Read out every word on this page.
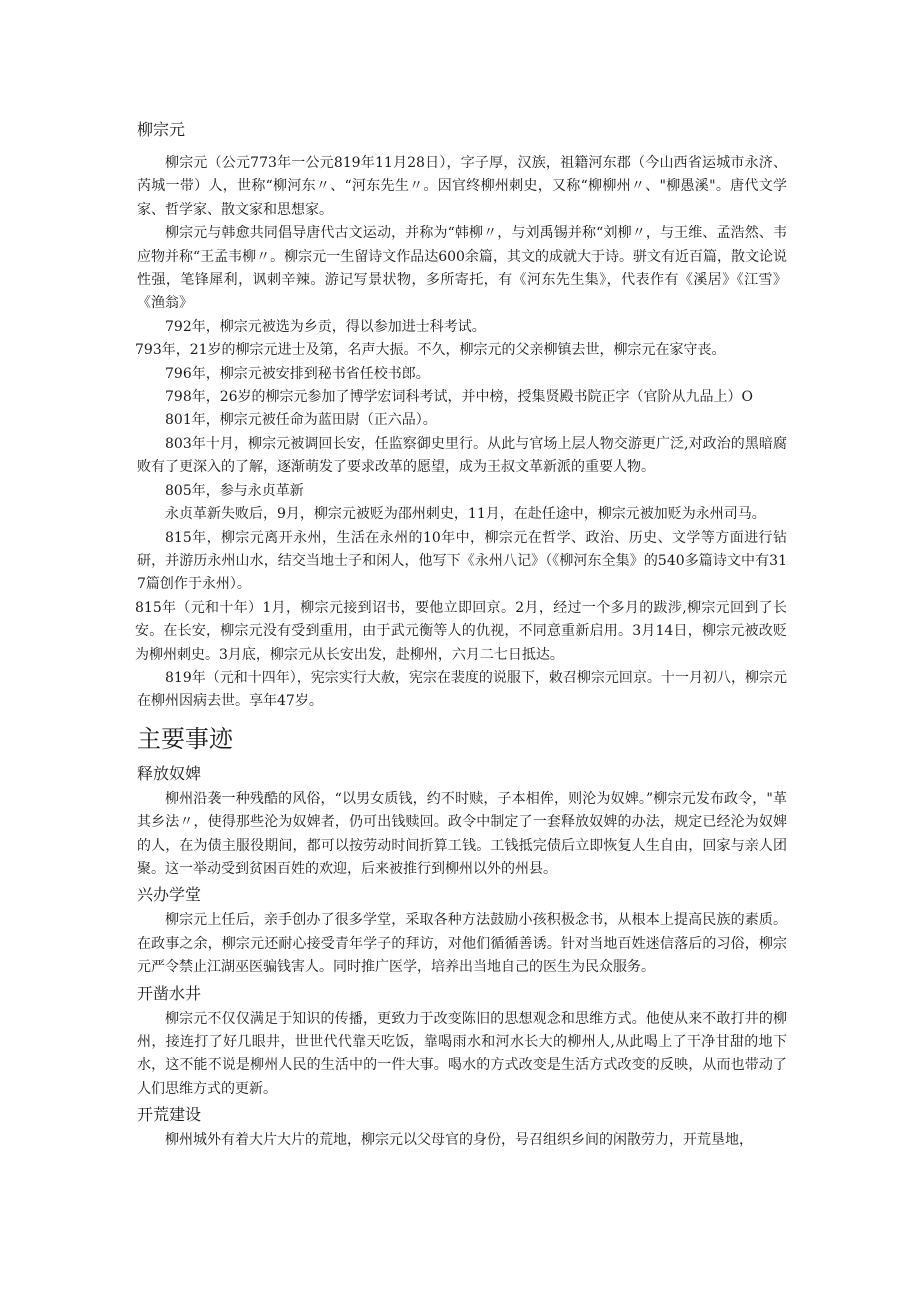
柳宗元

柳宗元（公元773年一公元819年11月28日），字子厚，汉族，祖籍河东郡（今山西省运城市永济、芮城一带）人，世称“柳河东〃、“河东先生〃。因官终柳州刺史，又称“柳柳州〃、"柳愚溪"。唐代文学家、哲学家、散文家和思想家。

柳宗元与韩愈共同倡导唐代古文运动，并称为“韩柳〃，与刘禹锡并称“刘柳〃，与王维、孟浩然、韦应物并称“王孟韦柳〃。柳宗元一生留诗文作品达600余篇，其文的成就大于诗。骈文有近百篇，散文论说性强，笔锋犀利，讽刺辛辣。游记写景状物，多所寄托，有《河东先生集》，代表作有《溪居》《江雪》《渔翁》

792年，柳宗元被选为乡贡，得以参加进士科考试。

793年，21岁的柳宗元进士及第，名声大振。不久，柳宗元的父亲柳镇去世，柳宗元在家守丧。

796年，柳宗元被安排到秘书省任校书郎。

798年，26岁的柳宗元参加了博学宏词科考试，并中榜，授集贤殿书院正字（官阶从九品上）O

801年，柳宗元被任命为蓝田尉（正六品）。

803年十月，柳宗元被调回长安，任监察御史里行。从此与官场上层人物交游更广泛,对政治的黑暗腐败有了更深入的了解，逐渐萌发了要求改革的愿望，成为王叔文革新派的重要人物。

805年，参与永贞革新

永贞革新失败后，9月，柳宗元被贬为邵州刺史，11月，在赴任途中，柳宗元被加贬为永州司马。

815年，柳宗元离开永州，生活在永州的10年中，柳宗元在哲学、政治、历史、文学等方面进行钻研，并游历永州山水，结交当地士子和闲人，他写下《永州八记》（《柳河东全集》的540多篇诗文中有317篇创作于永州）。

815年（元和十年）1月，柳宗元接到诏书，要他立即回京。2月，经过一个多月的跋涉,柳宗元回到了长安。在长安，柳宗元没有受到重用，由于武元衡等人的仇视，不同意重新启用。3月14日，柳宗元被改贬为柳州刺史。3月底，柳宗元从长安出发，赴柳州，六月二七日抵达。

819年（元和十四年），宪宗实行大赦，宪宗在裴度的说服下，敕召柳宗元回京。十一月初八，柳宗元在柳州因病去世。享年47岁。

主要事迹
释放奴婢

柳州沿袭一种残酷的风俗，“以男女质钱，约不时赎，子本相侔，则沦为奴婢。”柳宗元发布政令，"革其乡法〃，使得那些沦为奴婢者，仍可出钱赎回。政令中制定了一套释放奴婢的办法，规定已经沦为奴婢的人，在为债主服役期间，都可以按劳动时间折算工钱。工钱抵完债后立即恢复人生自由，回家与亲人团聚。这一举动受到贫困百姓的欢迎，后来被推行到柳州以外的州县。

兴办学堂

柳宗元上任后，亲手创办了很多学堂，采取各种方法鼓励小孩积极念书，从根本上提高民族的素质。在政事之余，柳宗元还耐心接受青年学子的拜访，对他们循循善诱。针对当地百姓迷信落后的习俗，柳宗元严令禁止江湖巫医骗钱害人。同时推广医学，培养出当地自己的医生为民众服务。

开凿水井

柳宗元不仅仅满足于知识的传播，更致力于改变陈旧的思想观念和思维方式。他使从来不敢打井的柳州，接连打了好几眼井，世世代代靠天吃饭，靠喝雨水和河水长大的柳州人,从此喝上了干净甘甜的地下水，这不能不说是柳州人民的生活中的一件大事。喝水的方式改变是生活方式改变的反映，从而也带动了人们思维方式的更新。

开荒建设

柳州城外有着大片大片的荒地，柳宗元以父母官的身份，号召组织乡间的闲散劳力，开荒垦地，
